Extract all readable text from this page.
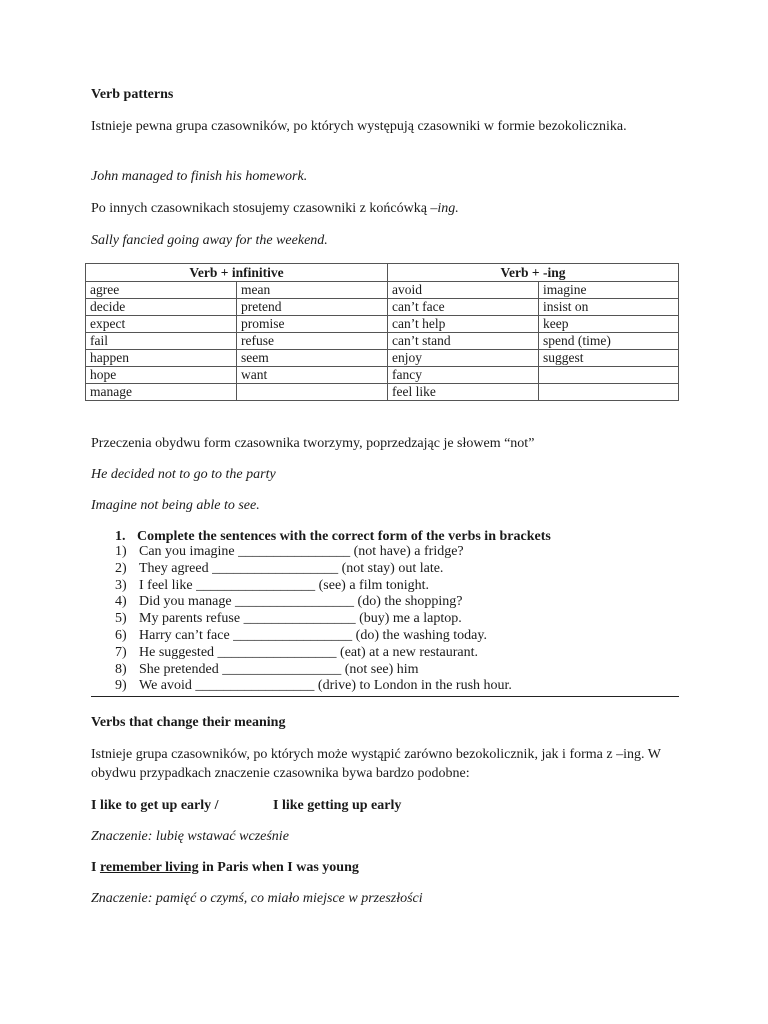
Verb patterns
Istnieje pewna grupa czasowników, po których występują czasowniki w formie bezokolicznika.
John managed to finish his homework.
Po innych czasownikach stosujemy czasowniki z końcówką –ing.
Sally fancied going away for the weekend.
Verb + infinitive		Verb + -ing	
agree	mean	avoid	imagine
decide	pretend	can’t face	insist on
expect	promise	can’t help	keep
fail	refuse	can’t stand	spend (time)
happen	seem	enjoy	suggest
hope	want	fancy	
manage		feel like	
Przeczenia obydwu form czasownika tworzymy, poprzedzając je słowem “not”
He decided not to go to the party
Imagine not being able to see.
1. Complete the sentences with the correct form of the verbs in brackets
1) Can you imagine ________________ (not have) a fridge?
2) They agreed __________________ (not stay) out late.
3) I feel like _________________ (see) a film tonight.
4) Did you manage _________________ (do) the shopping?
5) My parents refuse ________________ (buy) me a laptop.
6) Harry can’t face _________________ (do) the washing today.
7) He suggested _________________ (eat) at a new restaurant.
8) She pretended _________________ (not see) him
9) We avoid _________________ (drive) to London in the rush hour.
Verbs that change their meaning
Istnieje grupa czasowników, po których może wystąpić zarówno bezokolicznik, jak i forma z –ing. W obydwu przypadkach znaczenie czasownika bywa bardzo podobne:
I like to get up early /	I like getting up early
Znaczenie: lubię wstawać wcześnie
I remember living in Paris when I was young
Znaczenie: pamięć o czymś, co miało miejsce w przeszłości
